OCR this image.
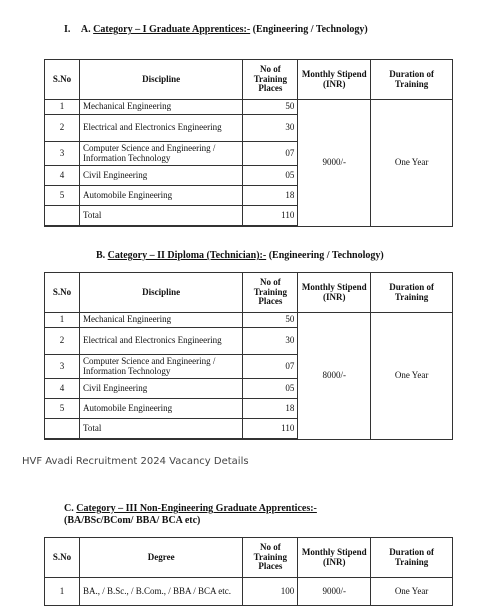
I. A. Category – I Graduate Apprentices:- (Engineering / Technology)
S.No	Discipline	No of Training Places	Monthly Stipend (INR)	Duration of Training
1	Mechanical Engineering	50	9000/-	One Year
2	Electrical and Electronics Engineering	30		
3	Computer Science and Engineering / Information Technology	07		
4	Civil Engineering	05		
5	Automobile Engineering	18		
	Total	110		

B. Category – II Diploma (Technician):- (Engineering / Technology)
S.No	Discipline	No of Training Places	Monthly Stipend (INR)	Duration of Training
1	Mechanical Engineering	50	8000/-	One Year
2	Electrical and Electronics Engineering	30		
3	Computer Science and Engineering / Information Technology	07		
4	Civil Engineering	05		
5	Automobile Engineering	18		
	Total	110		

HVF Avadi Recruitment 2024 Vacancy Details
C. Category – III Non-Engineering Graduate Apprentices:-
(BA/BSc/BCom/ BBA/ BCA etc)
S.No	Degree	No of Training Places	Monthly Stipend (INR)	Duration of Training
1	BA., / B.Sc., / B.Com., / BBA / BCA etc.	100	9000/-	One Year
